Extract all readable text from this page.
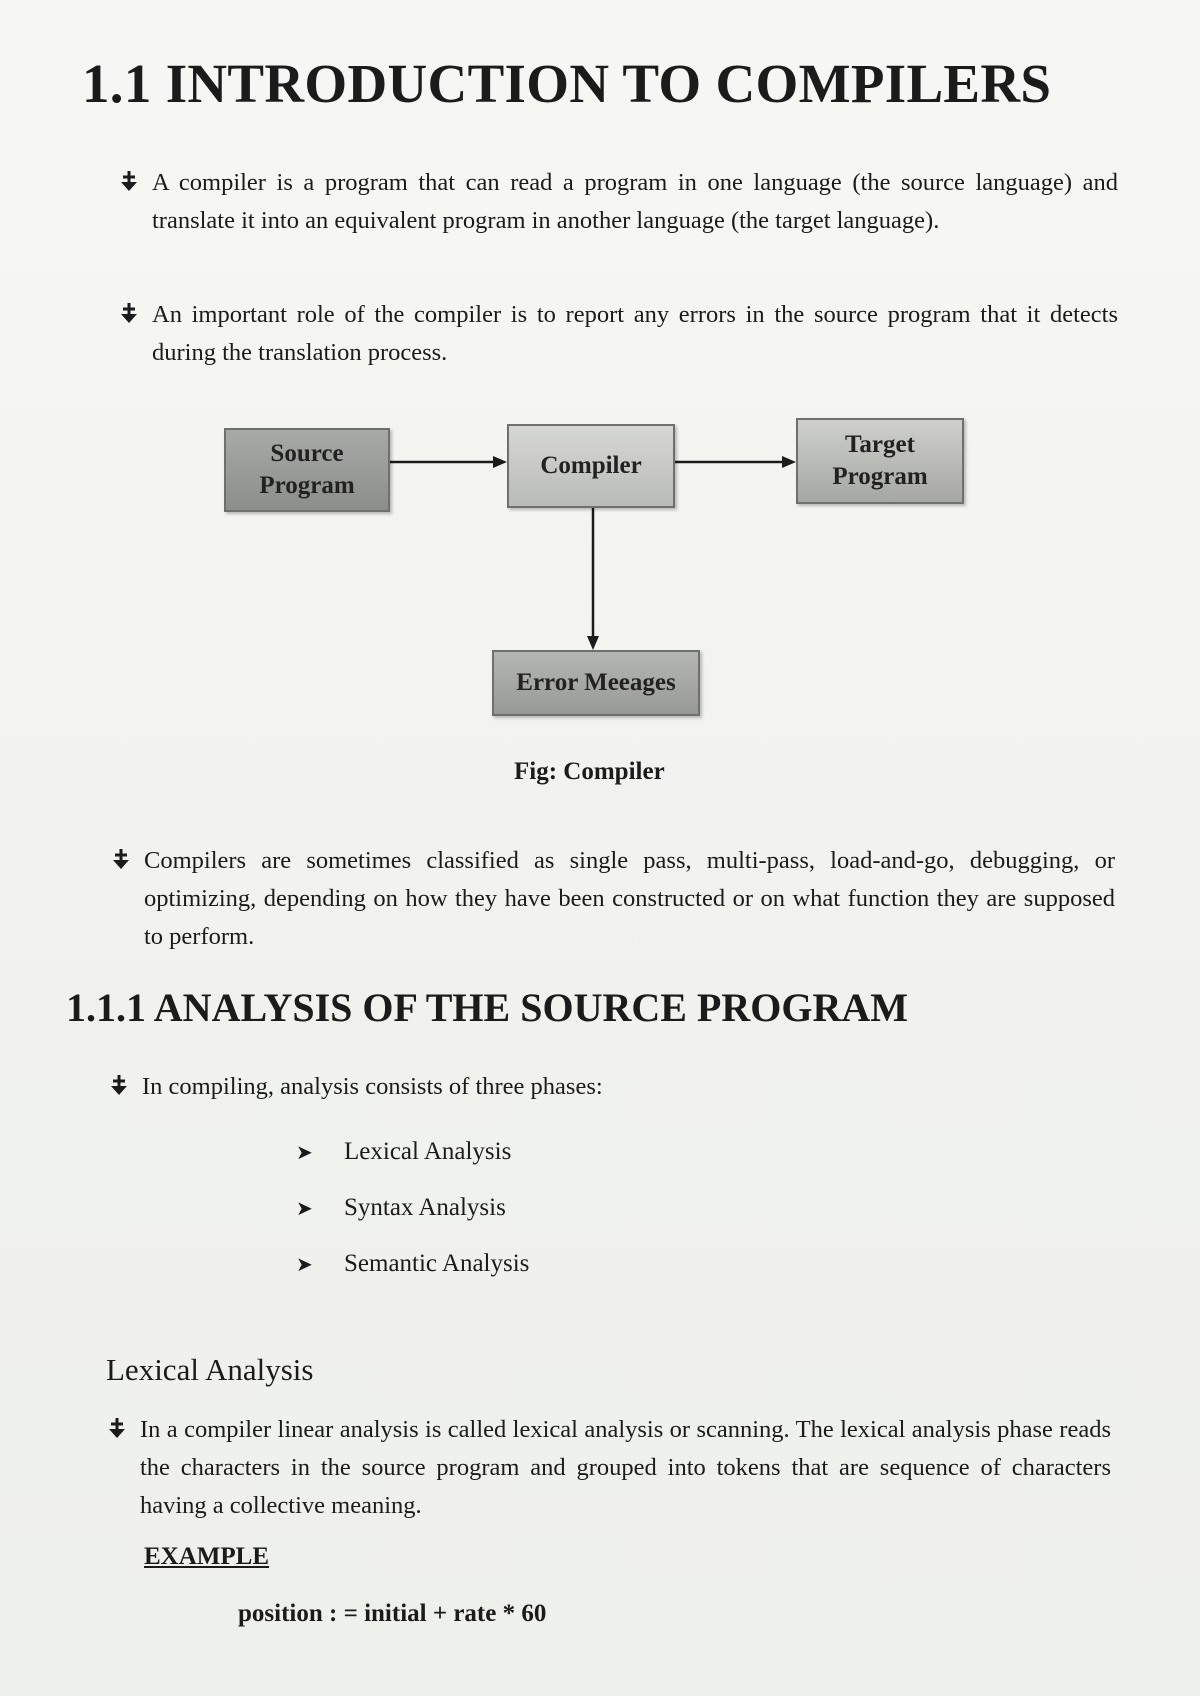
1.1 INTRODUCTION TO COMPILERS
A compiler is a program that can read a program in one language (the source language) and translate it into an equivalent program in another language (the target language).
An important role of the compiler is to report any errors in the source program that it detects during the translation process.
Source
Program
Compiler
Target
Program
Error Meeages
Fig: Compiler
Compilers are sometimes classified as single pass, multi-pass, load-and-go, debugging, or optimizing, depending on how they have been constructed or on what function they are supposed to perform.
1.1.1 ANALYSIS OF THE SOURCE PROGRAM
In compiling, analysis consists of three phases:
➤	Lexical Analysis
➤	Syntax Analysis
➤	Semantic Analysis
Lexical Analysis
In a compiler linear analysis is called lexical analysis or scanning. The lexical analysis phase reads the characters in the source program and grouped into tokens that are sequence of characters having a collective meaning.
EXAMPLE
position : = initial + rate * 60
